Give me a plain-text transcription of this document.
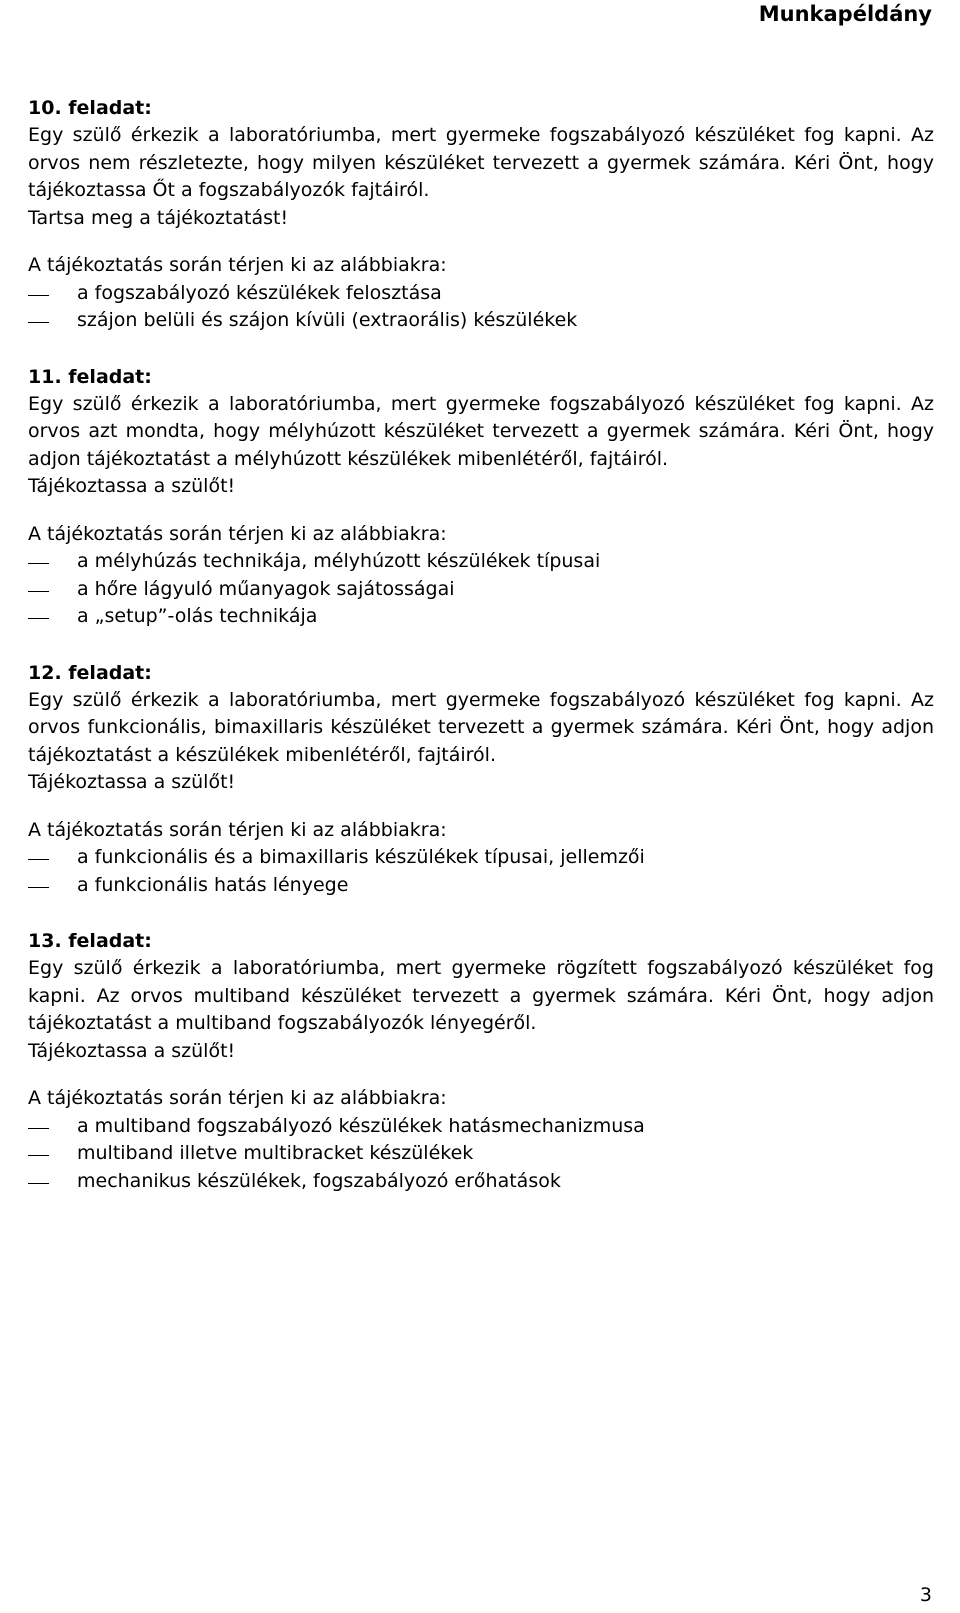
Munkapéldány

10. feladat:

Egy szülő érkezik a laboratóriumba, mert gyermeke fogszabályozó készüléket fog kapni. Az orvos nem részletezte, hogy milyen készüléket tervezett a gyermek számára. Kéri Önt, hogy tájékoztassa Őt a fogszabályozók fajtáiról.

Tartsa meg a tájékoztatást!

A tájékoztatás során térjen ki az alábbiakra:
a fogszabályozó készülékek felosztása
szájon belüli és szájon kívüli (extraorális) készülékek

11. feladat:

Egy szülő érkezik a laboratóriumba, mert gyermeke fogszabályozó készüléket fog kapni. Az orvos azt mondta, hogy mélyhúzott készüléket tervezett a gyermek számára. Kéri Önt, hogy adjon tájékoztatást a mélyhúzott készülékek mibenlétéről, fajtáiról.

Tájékoztassa a szülőt!

A tájékoztatás során térjen ki az alábbiakra:
a mélyhúzás technikája, mélyhúzott készülékek típusai
a hőre lágyuló műanyagok sajátosságai
a „setup”-olás technikája

12. feladat:

Egy szülő érkezik a laboratóriumba, mert gyermeke fogszabályozó készüléket fog kapni. Az orvos funkcionális, bimaxillaris készüléket tervezett a gyermek számára. Kéri Önt, hogy adjon tájékoztatást a készülékek mibenlétéről, fajtáiról.

Tájékoztassa a szülőt!

A tájékoztatás során térjen ki az alábbiakra:
a funkcionális és a bimaxillaris készülékek típusai, jellemzői
a funkcionális hatás lényege

13. feladat:

Egy szülő érkezik a laboratóriumba, mert gyermeke rögzített fogszabályozó készüléket fog kapni. Az orvos multiband készüléket tervezett a gyermek számára. Kéri Önt, hogy adjon tájékoztatást a multiband fogszabályozók lényegéről.

Tájékoztassa a szülőt!

A tájékoztatás során térjen ki az alábbiakra:
a multiband fogszabályozó készülékek hatásmechanizmusa
multiband illetve multibracket készülékek
mechanikus készülékek, fogszabályozó erőhatások
3
